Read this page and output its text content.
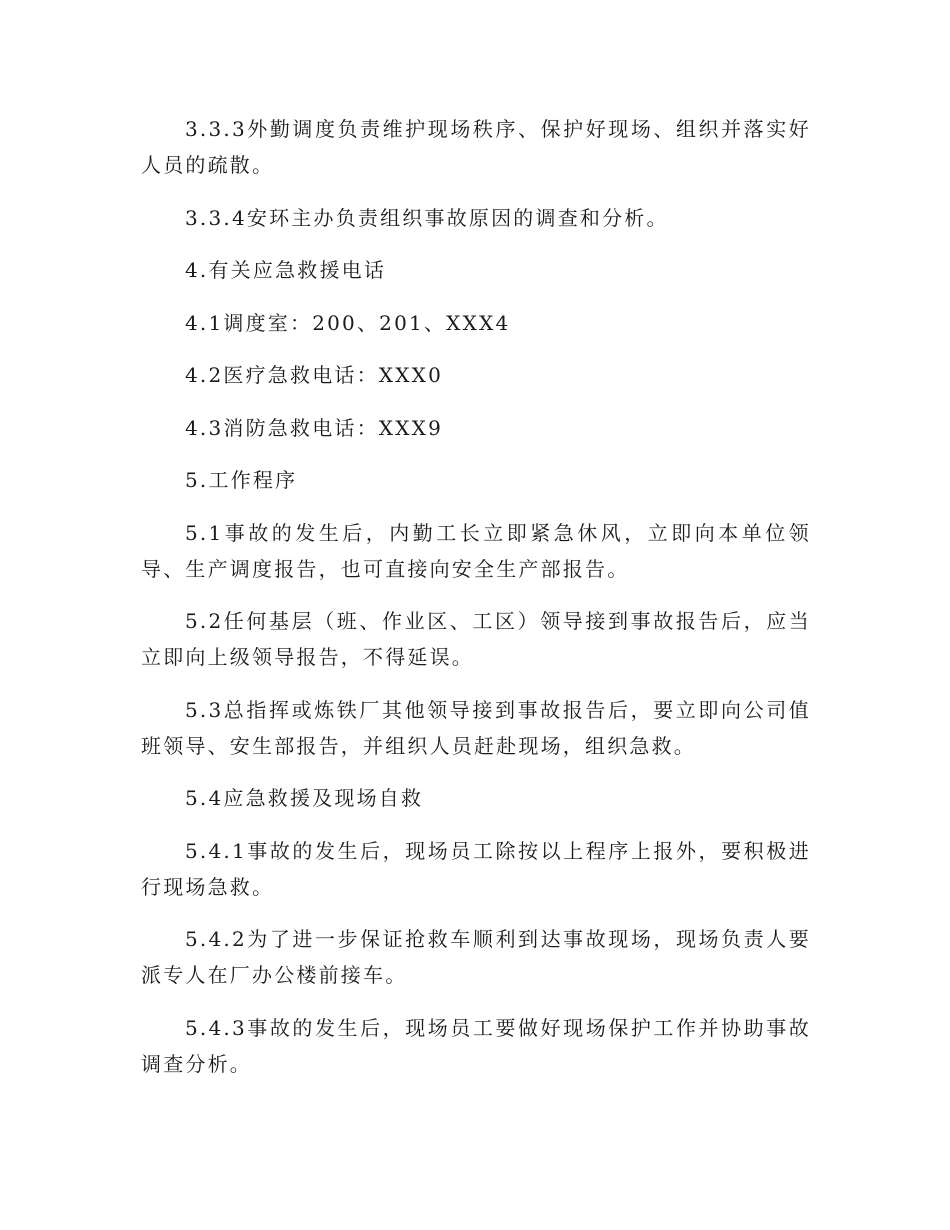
3.3.3外勤调度负责维护现场秩序、保护好现场、组织并落实好人员的疏散。

3.3.4安环主办负责组织事故原因的调查和分析。

4.有关应急救援电话

4.1调度室：200、201、XXX4

4.2医疗急救电话：XXX0

4.3消防急救电话：XXX9

5.工作程序

5.1事故的发生后，内勤工长立即紧急休风，立即向本单位领导、生产调度报告，也可直接向安全生产部报告。

5.2任何基层（班、作业区、工区）领导接到事故报告后，应当立即向上级领导报告，不得延误。

5.3总指挥或炼铁厂其他领导接到事故报告后，要立即向公司值班领导、安生部报告，并组织人员赶赴现场，组织急救。

5.4应急救援及现场自救

5.4.1事故的发生后，现场员工除按以上程序上报外，要积极进行现场急救。

5.4.2为了进一步保证抢救车顺利到达事故现场，现场负责人要派专人在厂办公楼前接车。

5.4.3事故的发生后，现场员工要做好现场保护工作并协助事故调查分析。
